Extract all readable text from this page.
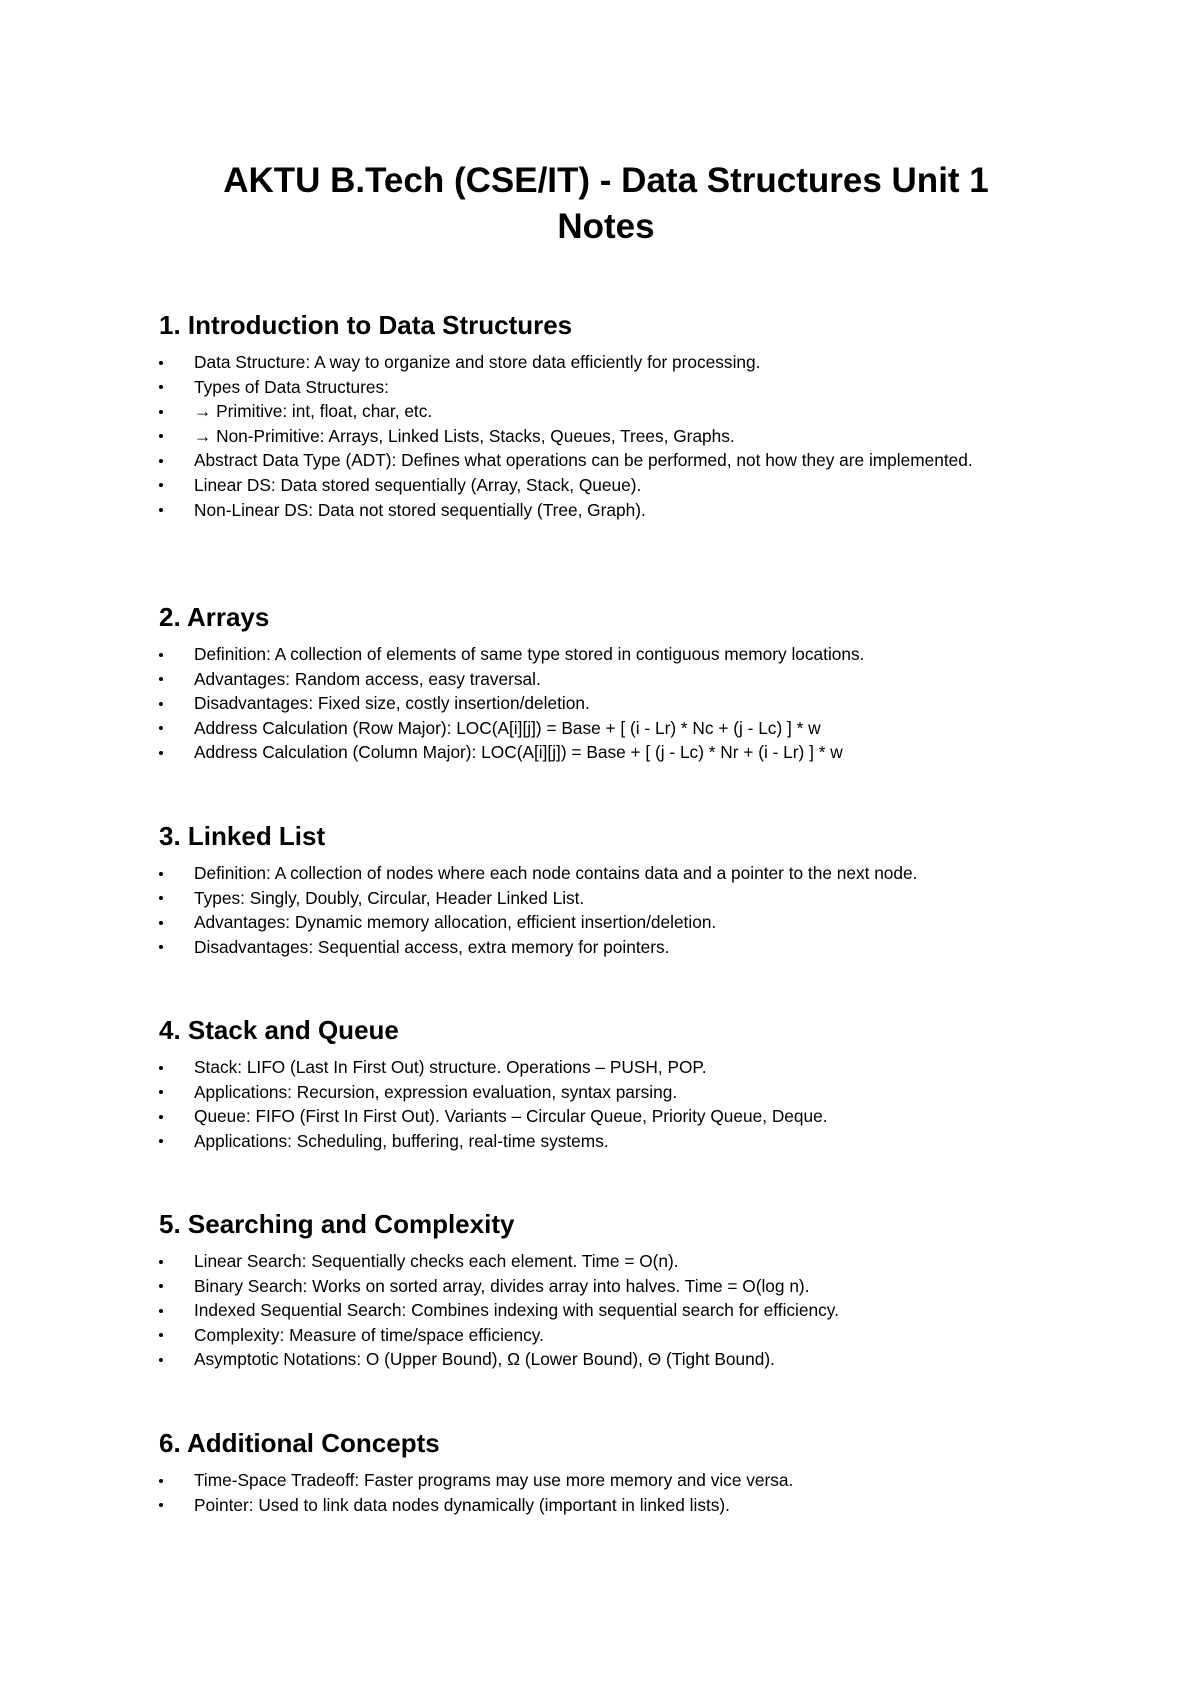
AKTU B.Tech (CSE/IT) - Data Structures Unit 1 Notes
1. Introduction to Data Structures
Data Structure: A way to organize and store data efficiently for processing.
Types of Data Structures:
→ Primitive: int, float, char, etc.
→ Non-Primitive: Arrays, Linked Lists, Stacks, Queues, Trees, Graphs.
Abstract Data Type (ADT): Defines what operations can be performed, not how they are implemented.
Linear DS: Data stored sequentially (Array, Stack, Queue).
Non-Linear DS: Data not stored sequentially (Tree, Graph).
2. Arrays
Definition: A collection of elements of same type stored in contiguous memory locations.
Advantages: Random access, easy traversal.
Disadvantages: Fixed size, costly insertion/deletion.
Address Calculation (Row Major): LOC(A[i][j]) = Base + [ (i - Lr) * Nc + (j - Lc) ] * w
Address Calculation (Column Major): LOC(A[i][j]) = Base + [ (j - Lc) * Nr + (i - Lr) ] * w
3. Linked List
Definition: A collection of nodes where each node contains data and a pointer to the next node.
Types: Singly, Doubly, Circular, Header Linked List.
Advantages: Dynamic memory allocation, efficient insertion/deletion.
Disadvantages: Sequential access, extra memory for pointers.
4. Stack and Queue
Stack: LIFO (Last In First Out) structure. Operations – PUSH, POP.
Applications: Recursion, expression evaluation, syntax parsing.
Queue: FIFO (First In First Out). Variants – Circular Queue, Priority Queue, Deque.
Applications: Scheduling, buffering, real-time systems.
5. Searching and Complexity
Linear Search: Sequentially checks each element. Time = O(n).
Binary Search: Works on sorted array, divides array into halves. Time = O(log n).
Indexed Sequential Search: Combines indexing with sequential search for efficiency.
Complexity: Measure of time/space efficiency.
Asymptotic Notations: O (Upper Bound), Ω (Lower Bound), Θ (Tight Bound).
6. Additional Concepts
Time-Space Tradeoff: Faster programs may use more memory and vice versa.
Pointer: Used to link data nodes dynamically (important in linked lists).
